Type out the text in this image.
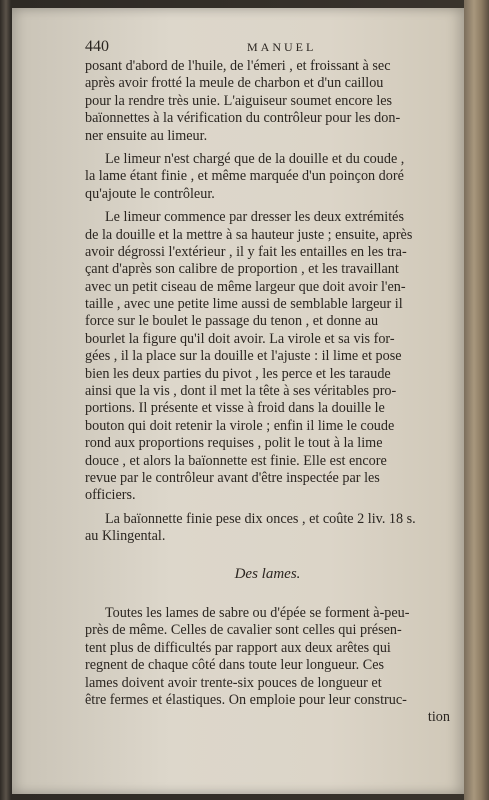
440	MANUEL
posant d'abord de l'huile, de l'émeri , et froissant à sec
après avoir frotté la meule de charbon et d'un caillou
pour la rendre très unie. L'aiguiseur soumet encore les
baïonnettes à la vérification du contrôleur pour les don-
ner ensuite au limeur.
Le limeur n'est chargé que de la douille et du coude ,
la lame étant finie , et même marquée d'un poinçon doré
qu'ajoute le contrôleur.
Le limeur commence par dresser les deux extrémités
de la douille et la mettre à sa hauteur juste ; ensuite, après
avoir dégrossi l'extérieur , il y fait les entailles en les tra-
çant d'après son calibre de proportion , et les travaillant
avec un petit ciseau de même largeur que doit avoir l'en-
taille , avec une petite lime aussi de semblable largeur il
force sur le boulet le passage du tenon , et donne au
bourlet la figure qu'il doit avoir. La virole et sa vis for-
gées , il la place sur la douille et l'ajuste : il lime et pose
bien les deux parties du pivot , les perce et les taraude
ainsi que la vis , dont il met la tête à ses véritables pro-
portions. Il présente et visse à froid dans la douille le
bouton qui doit retenir la virole ; enfin il lime le coude
rond aux proportions requises , polit le tout à la lime
douce , et alors la baïonnette est finie. Elle est encore
revue par le contrôleur avant d'être inspectée par les
officiers.
La baïonnette finie pese dix onces , et coûte 2 liv. 18 s.
au Klingental.
Des lames.
Toutes les lames de sabre ou d'épée se forment à-peu-
près de même. Celles de cavalier sont celles qui présen-
tent plus de difficultés par rapport aux deux arêtes qui
regnent de chaque côté dans toute leur longueur. Ces
lames doivent avoir trente-six pouces de longueur et
être fermes et élastiques. On emploie pour leur construc-
tion
